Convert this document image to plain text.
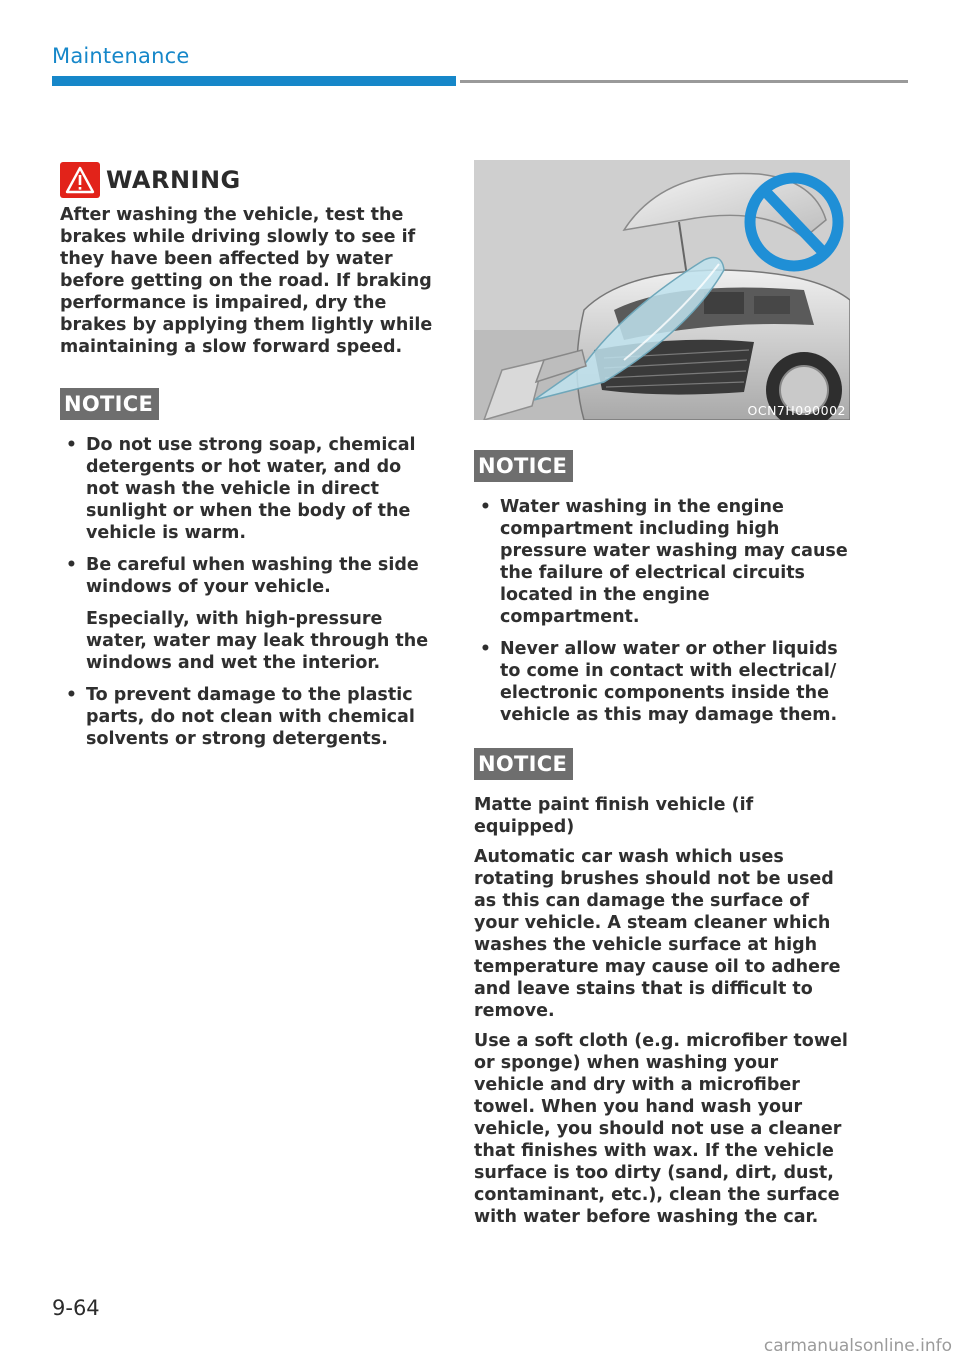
Maintenance
WARNING

After washing the vehicle, test the brakes while driving slowly to see if they have been affected by water before getting on the road. If braking performance is impaired, dry the brakes by applying them lightly while maintaining a slow forward speed.

NOTICE
• Do not use strong soap, chemical detergents or hot water, and do not wash the vehicle in direct sunlight or when the body of the vehicle is warm.
• Be careful when washing the side windows of your vehicle.
Especially, with high-pressure water, water may leak through the windows and wet the interior.
• To prevent damage to the plastic parts, do not clean with chemical solvents or strong detergents.
OCN7H090002
NOTICE
• Water washing in the engine compartment including high pressure water washing may cause the failure of electrical circuits located in the engine compartment.
• Never allow water or other liquids to come in contact with electrical/ electronic components inside the vehicle as this may damage them.
NOTICE

Matte paint finish vehicle (if equipped)

Automatic car wash which uses rotating brushes should not be used as this can damage the surface of your vehicle. A steam cleaner which washes the vehicle surface at high temperature may cause oil to adhere and leave stains that is difficult to remove.

Use a soft cloth (e.g. microfiber towel or sponge) when washing your vehicle and dry with a microfiber towel. When you hand wash your vehicle, you should not use a cleaner that finishes with wax. If the vehicle surface is too dirty (sand, dirt, dust, contaminant, etc.), clean the surface with water before washing the car.

9-64
carmanualsonline.info
